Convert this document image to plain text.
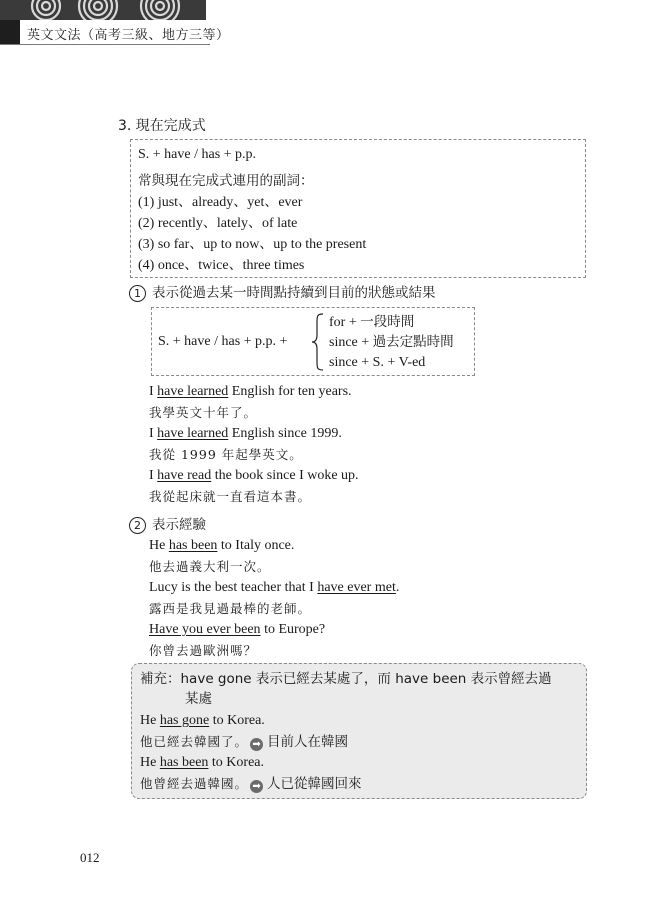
英文文法（高考三級、地方三等）
3. 現在完成式
S. + have / has + p.p.
常與現在完成式連用的副詞：
(1) just、already、yet、ever
(2) recently、lately、of late
(3) so far、up to now、up to the present
(4) once、twice、three times
1 表示從過去某一時間點持續到目前的狀態或結果
S. + have / has + p.p. +
for + 一段時間
since + 過去定點時間
since + S. + V-ed
I have learned English for ten years.
我學英文十年了。
I have learned English since 1999.
我從 1999 年起學英文。
I have read the book since I woke up.
我從起床就一直看這本書。
2 表示經驗
He has been to Italy once.
他去過義大利一次。
Lucy is the best teacher that I have ever met.
露西是我見過最棒的老師。
Have you ever been to Europe?
你曾去過歐洲嗎？
補充：have gone 表示已經去某處了，而 have been 表示曾經去過
某處
He has gone to Korea.
他已經去韓國了。 ➡ 目前人在韓國
He has been to Korea.
他曾經去過韓國。 ➡ 人已從韓國回來
012
